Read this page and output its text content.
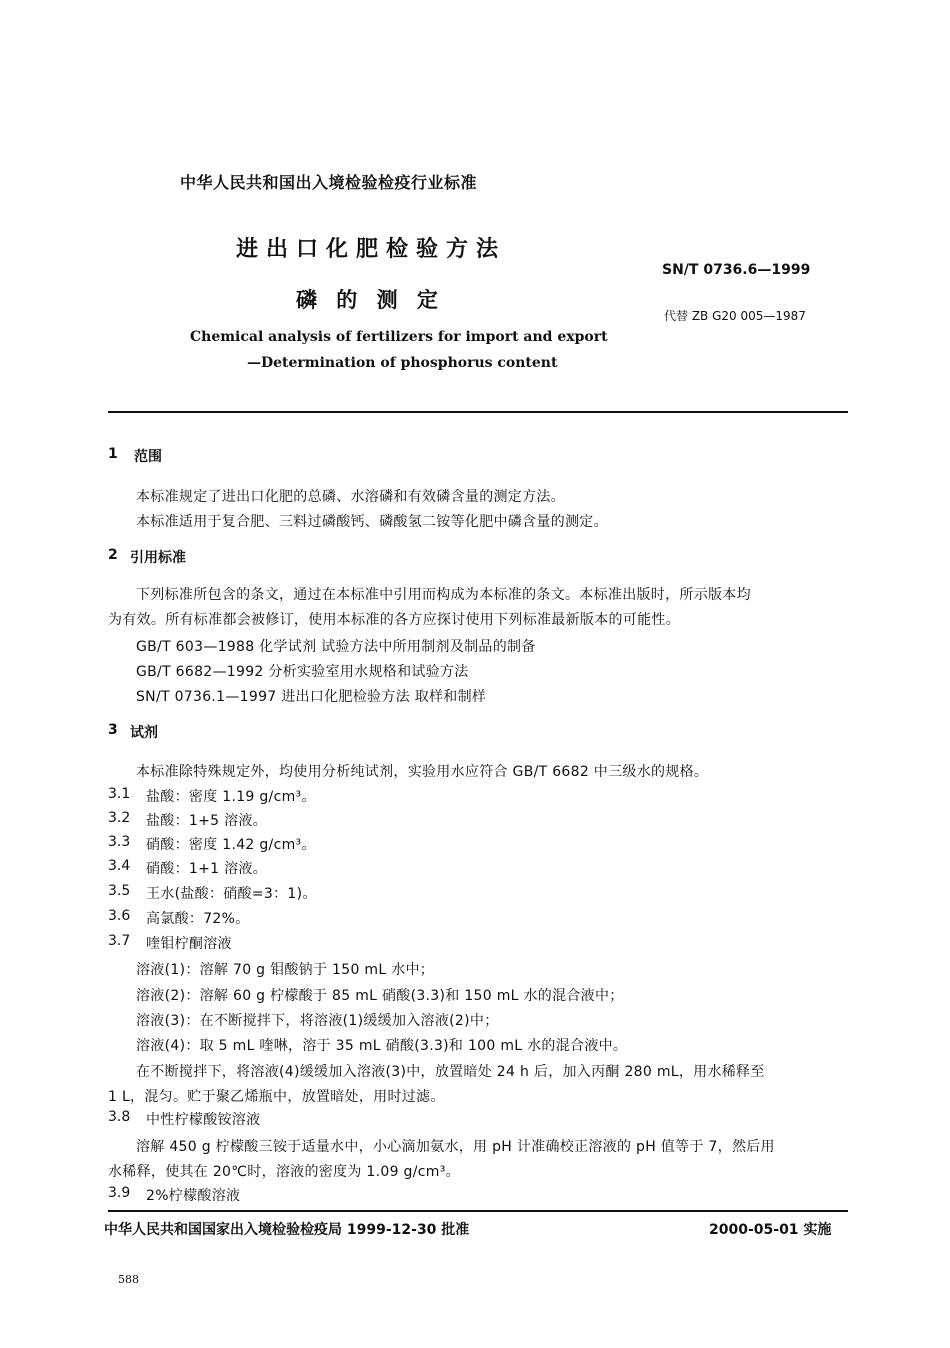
中华人民共和国出入境检验检疫行业标准
进出口化肥检验方法
磷 的 测 定
SN/T 0736.6—1999
代替 ZB G20 005—1987
Chemical analysis of fertilizers for import and export
—Determination of phosphorus content
1 范围
本标准规定了进出口化肥的总磷、水溶磷和有效磷含量的测定方法。
本标准适用于复合肥、三料过磷酸钙、磷酸氢二铵等化肥中磷含量的测定。
2 引用标准
下列标准所包含的条文，通过在本标准中引用而构成为本标准的条文。本标准出版时，所示版本均
为有效。所有标准都会被修订，使用本标准的各方应探讨使用下列标准最新版本的可能性。
GB/T 603—1988 化学试剂 试验方法中所用制剂及制品的制备
GB/T 6682—1992 分析实验室用水规格和试验方法
SN/T 0736.1—1997 进出口化肥检验方法 取样和制样
3 试剂
本标准除特殊规定外，均使用分析纯试剂，实验用水应符合 GB/T 6682 中三级水的规格。
3.1 盐酸：密度 1.19 g/cm³。
3.2 盐酸：1+5 溶液。
3.3 硝酸：密度 1.42 g/cm³。
3.4 硝酸：1+1 溶液。
3.5 王水(盐酸：硝酸=3：1)。
3.6 高氯酸：72%。
3.7 喹钼柠酮溶液
溶液(1)：溶解 70 g 钼酸钠于 150 mL 水中；
溶液(2)：溶解 60 g 柠檬酸于 85 mL 硝酸(3.3)和 150 mL 水的混合液中；
溶液(3)：在不断搅拌下，将溶液(1)缓缓加入溶液(2)中；
溶液(4)：取 5 mL 喹啉，溶于 35 mL 硝酸(3.3)和 100 mL 水的混合液中。
在不断搅拌下，将溶液(4)缓缓加入溶液(3)中，放置暗处 24 h 后，加入丙酮 280 mL，用水稀释至
1 L，混匀。贮于聚乙烯瓶中，放置暗处，用时过滤。
3.8 中性柠檬酸铵溶液
溶解 450 g 柠檬酸三铵于适量水中，小心滴加氨水，用 pH 计准确校正溶液的 pH 值等于 7，然后用
水稀释，使其在 20℃时，溶液的密度为 1.09 g/cm³。
3.9 2%柠檬酸溶液
中华人民共和国国家出入境检验检疫局 1999-12-30 批准	2000-05-01 实施
588
